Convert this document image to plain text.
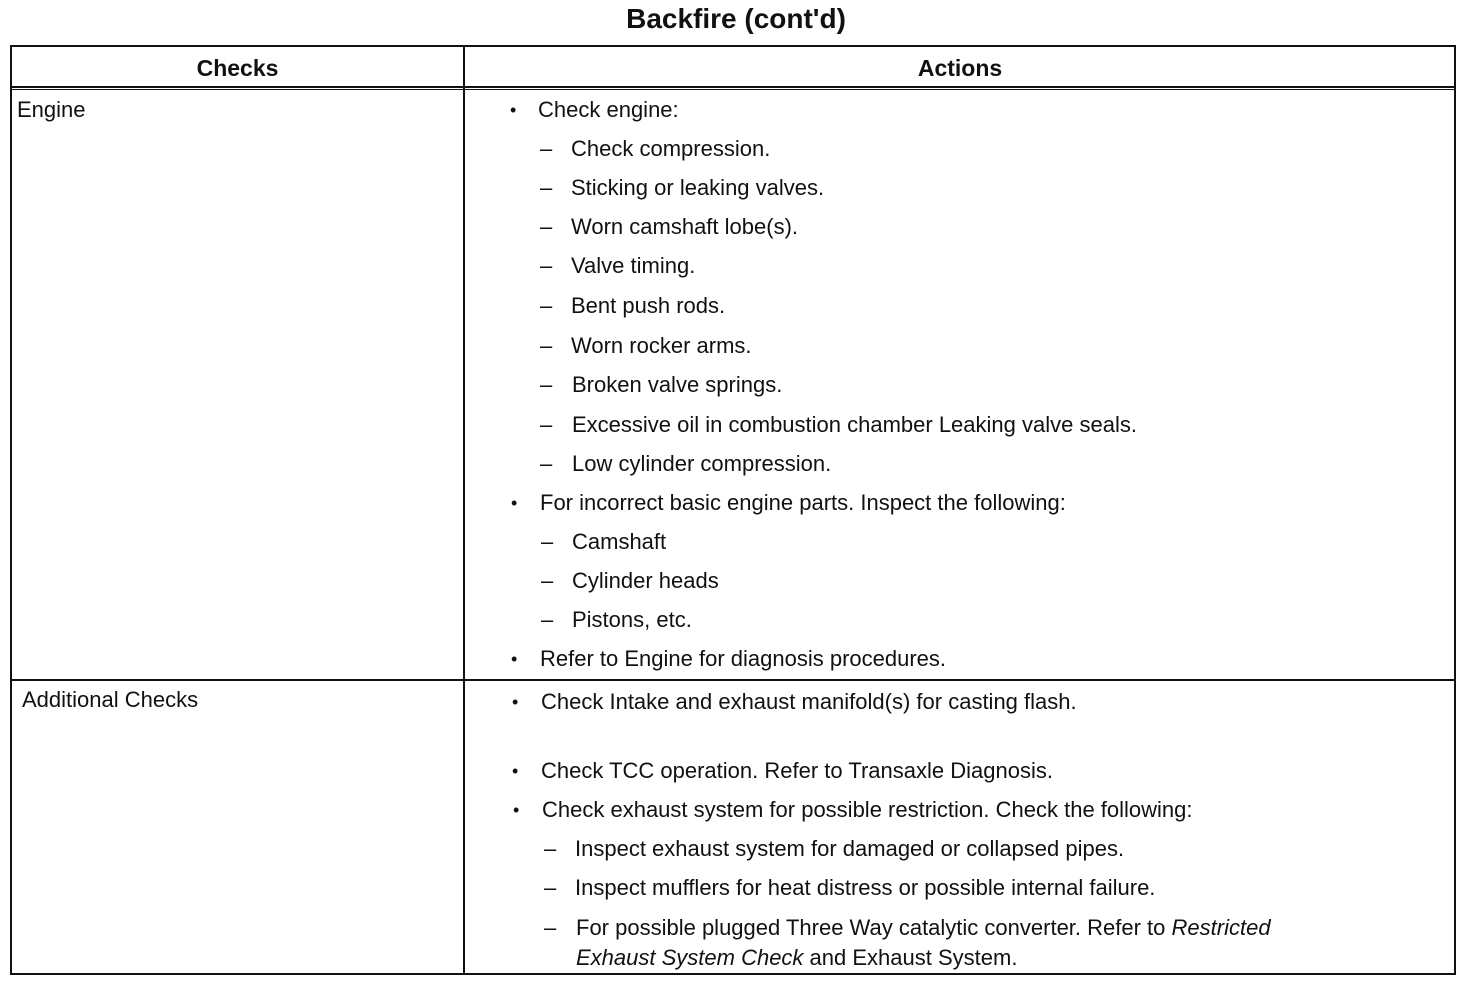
Backfire (cont'd)
Checks	Actions
Engine	• Check engine:
– Check compression.
– Sticking or leaking valves.
– Worn camshaft lobe(s).
– Valve timing.
– Bent push rods.
– Worn rocker arms.
– Broken valve springs.
– Excessive oil in combustion chamber Leaking valve seals.
– Low cylinder compression.
• For incorrect basic engine parts. Inspect the following:
– Camshaft
– Cylinder heads
– Pistons, etc.
• Refer to Engine for diagnosis procedures.
Additional Checks	• Check Intake and exhaust manifold(s) for casting flash.
• Check TCC operation. Refer to Transaxle Diagnosis.
• Check exhaust system for possible restriction. Check the following:
– Inspect exhaust system for damaged or collapsed pipes.
– Inspect mufflers for heat distress or possible internal failure.
– For possible plugged Three Way catalytic converter. Refer to Restricted
Exhaust System Check and Exhaust System.
